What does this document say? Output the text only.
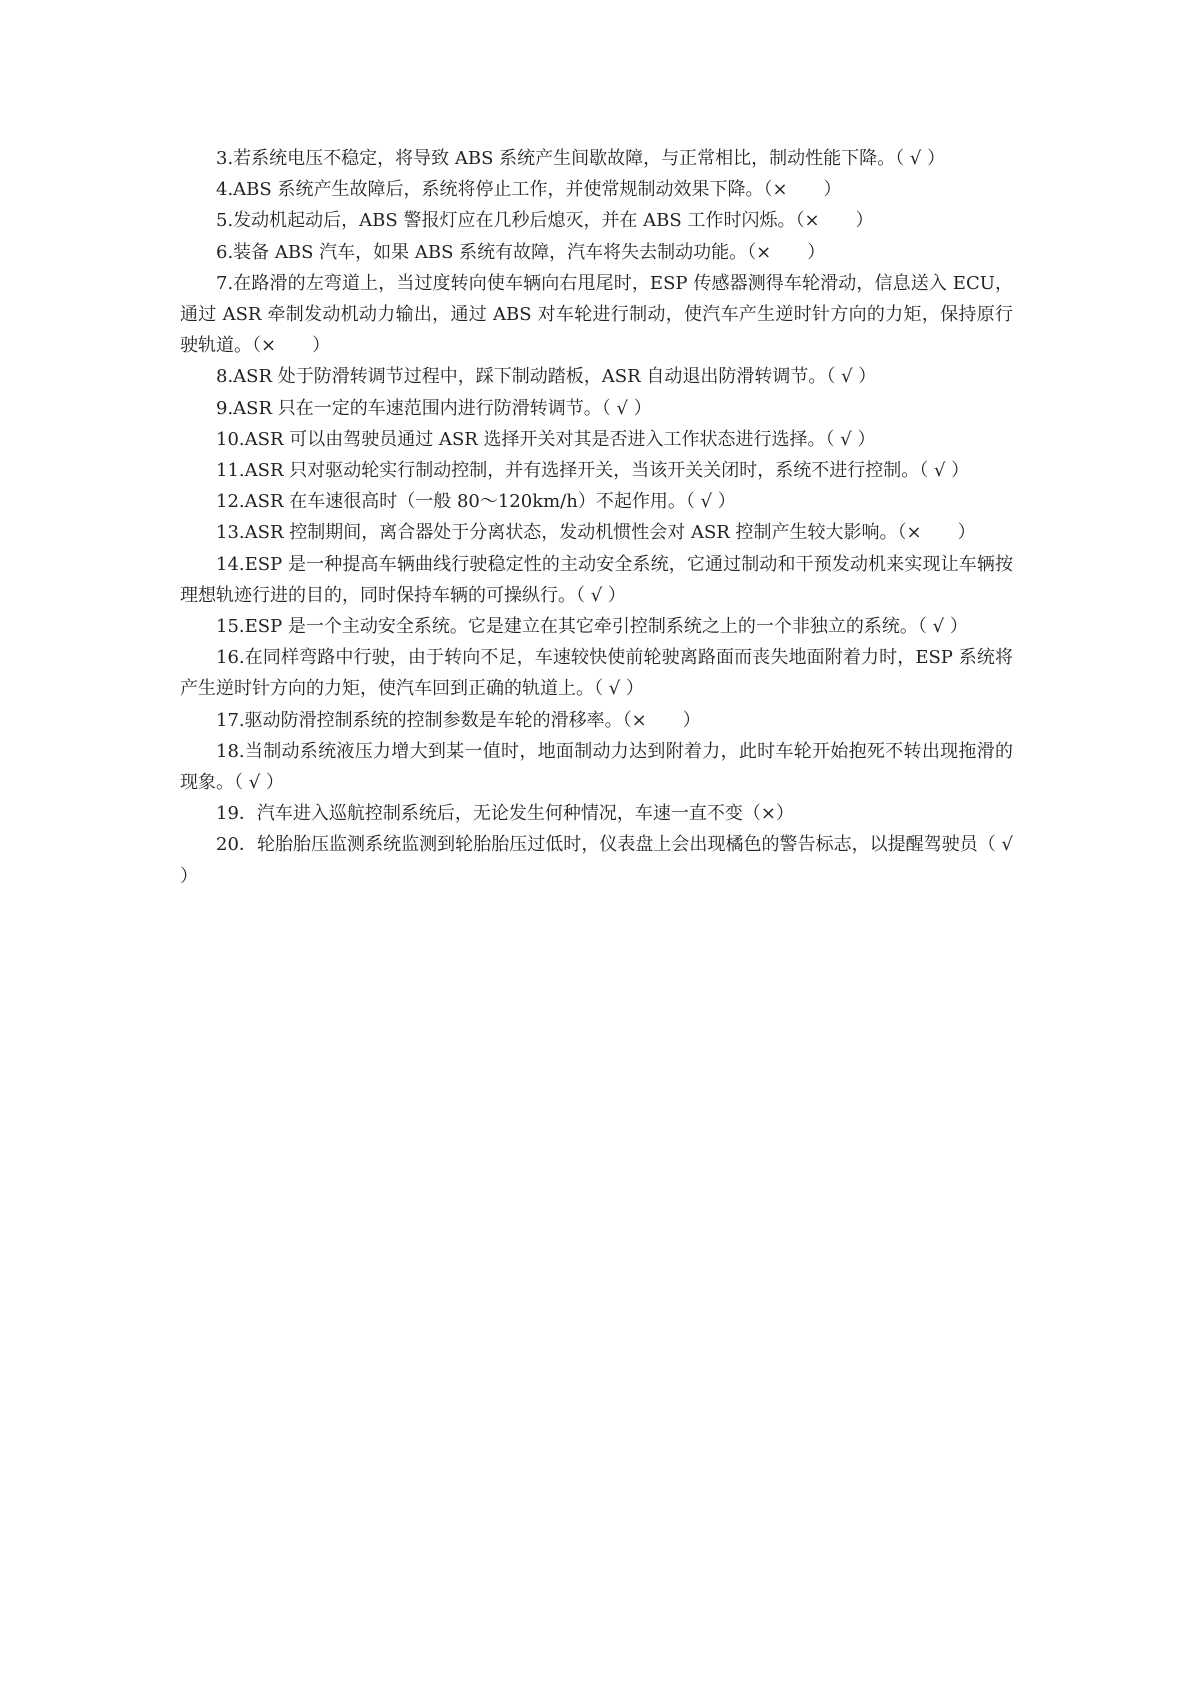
3.若系统电压不稳定，将导致 ABS 系统产生间歇故障，与正常相比，制动性能下降。（ √ ）

4.ABS 系统产生故障后，系统将停止工作，并使常规制动效果下降。（×　　）

5.发动机起动后，ABS 警报灯应在几秒后熄灭，并在 ABS 工作时闪烁。（×　　）

6.装备 ABS 汽车，如果 ABS 系统有故障，汽车将失去制动功能。（×　　）

7.在路滑的左弯道上，当过度转向使车辆向右甩尾时，ESP 传感器测得车轮滑动，信息送入 ECU，通过 ASR 牵制发动机动力输出，通过 ABS 对车轮进行制动，使汽车产生逆时针方向的力矩，保持原行驶轨道。（×　　）

8.ASR 处于防滑转调节过程中，踩下制动踏板，ASR 自动退出防滑转调节。（ √ ）

9.ASR 只在一定的车速范围内进行防滑转调节。（ √ ）

10.ASR 可以由驾驶员通过 ASR 选择开关对其是否进入工作状态进行选择。（ √ ）

11.ASR 只对驱动轮实行制动控制，并有选择开关，当该开关关闭时，系统不进行控制。（ √ ）

12.ASR 在车速很高时（一般 80～120km/h）不起作用。（ √ ）

13.ASR 控制期间，离合器处于分离状态，发动机惯性会对 ASR 控制产生较大影响。（×　　）

14.ESP 是一种提高车辆曲线行驶稳定性的主动安全系统，它通过制动和干预发动机来实现让车辆按理想轨迹行进的目的，同时保持车辆的可操纵行。（ √ ）

15.ESP 是一个主动安全系统。它是建立在其它牵引控制系统之上的一个非独立的系统。（ √ ）

16.在同样弯路中行驶，由于转向不足，车速较快使前轮驶离路面而丧失地面附着力时，ESP 系统将产生逆时针方向的力矩，使汽车回到正确的轨道上。（ √ ）

17.驱动防滑控制系统的控制参数是车轮的滑移率。（×　　）

18.当制动系统液压力增大到某一值时，地面制动力达到附着力，此时车轮开始抱死不转出现拖滑的现象。（ √ ）

19．汽车进入巡航控制系统后，无论发生何种情况，车速一直不变（×）

20．轮胎胎压监测系统监测到轮胎胎压过低时，仪表盘上会出现橘色的警告标志，以提醒驾驶员（ √ ）
